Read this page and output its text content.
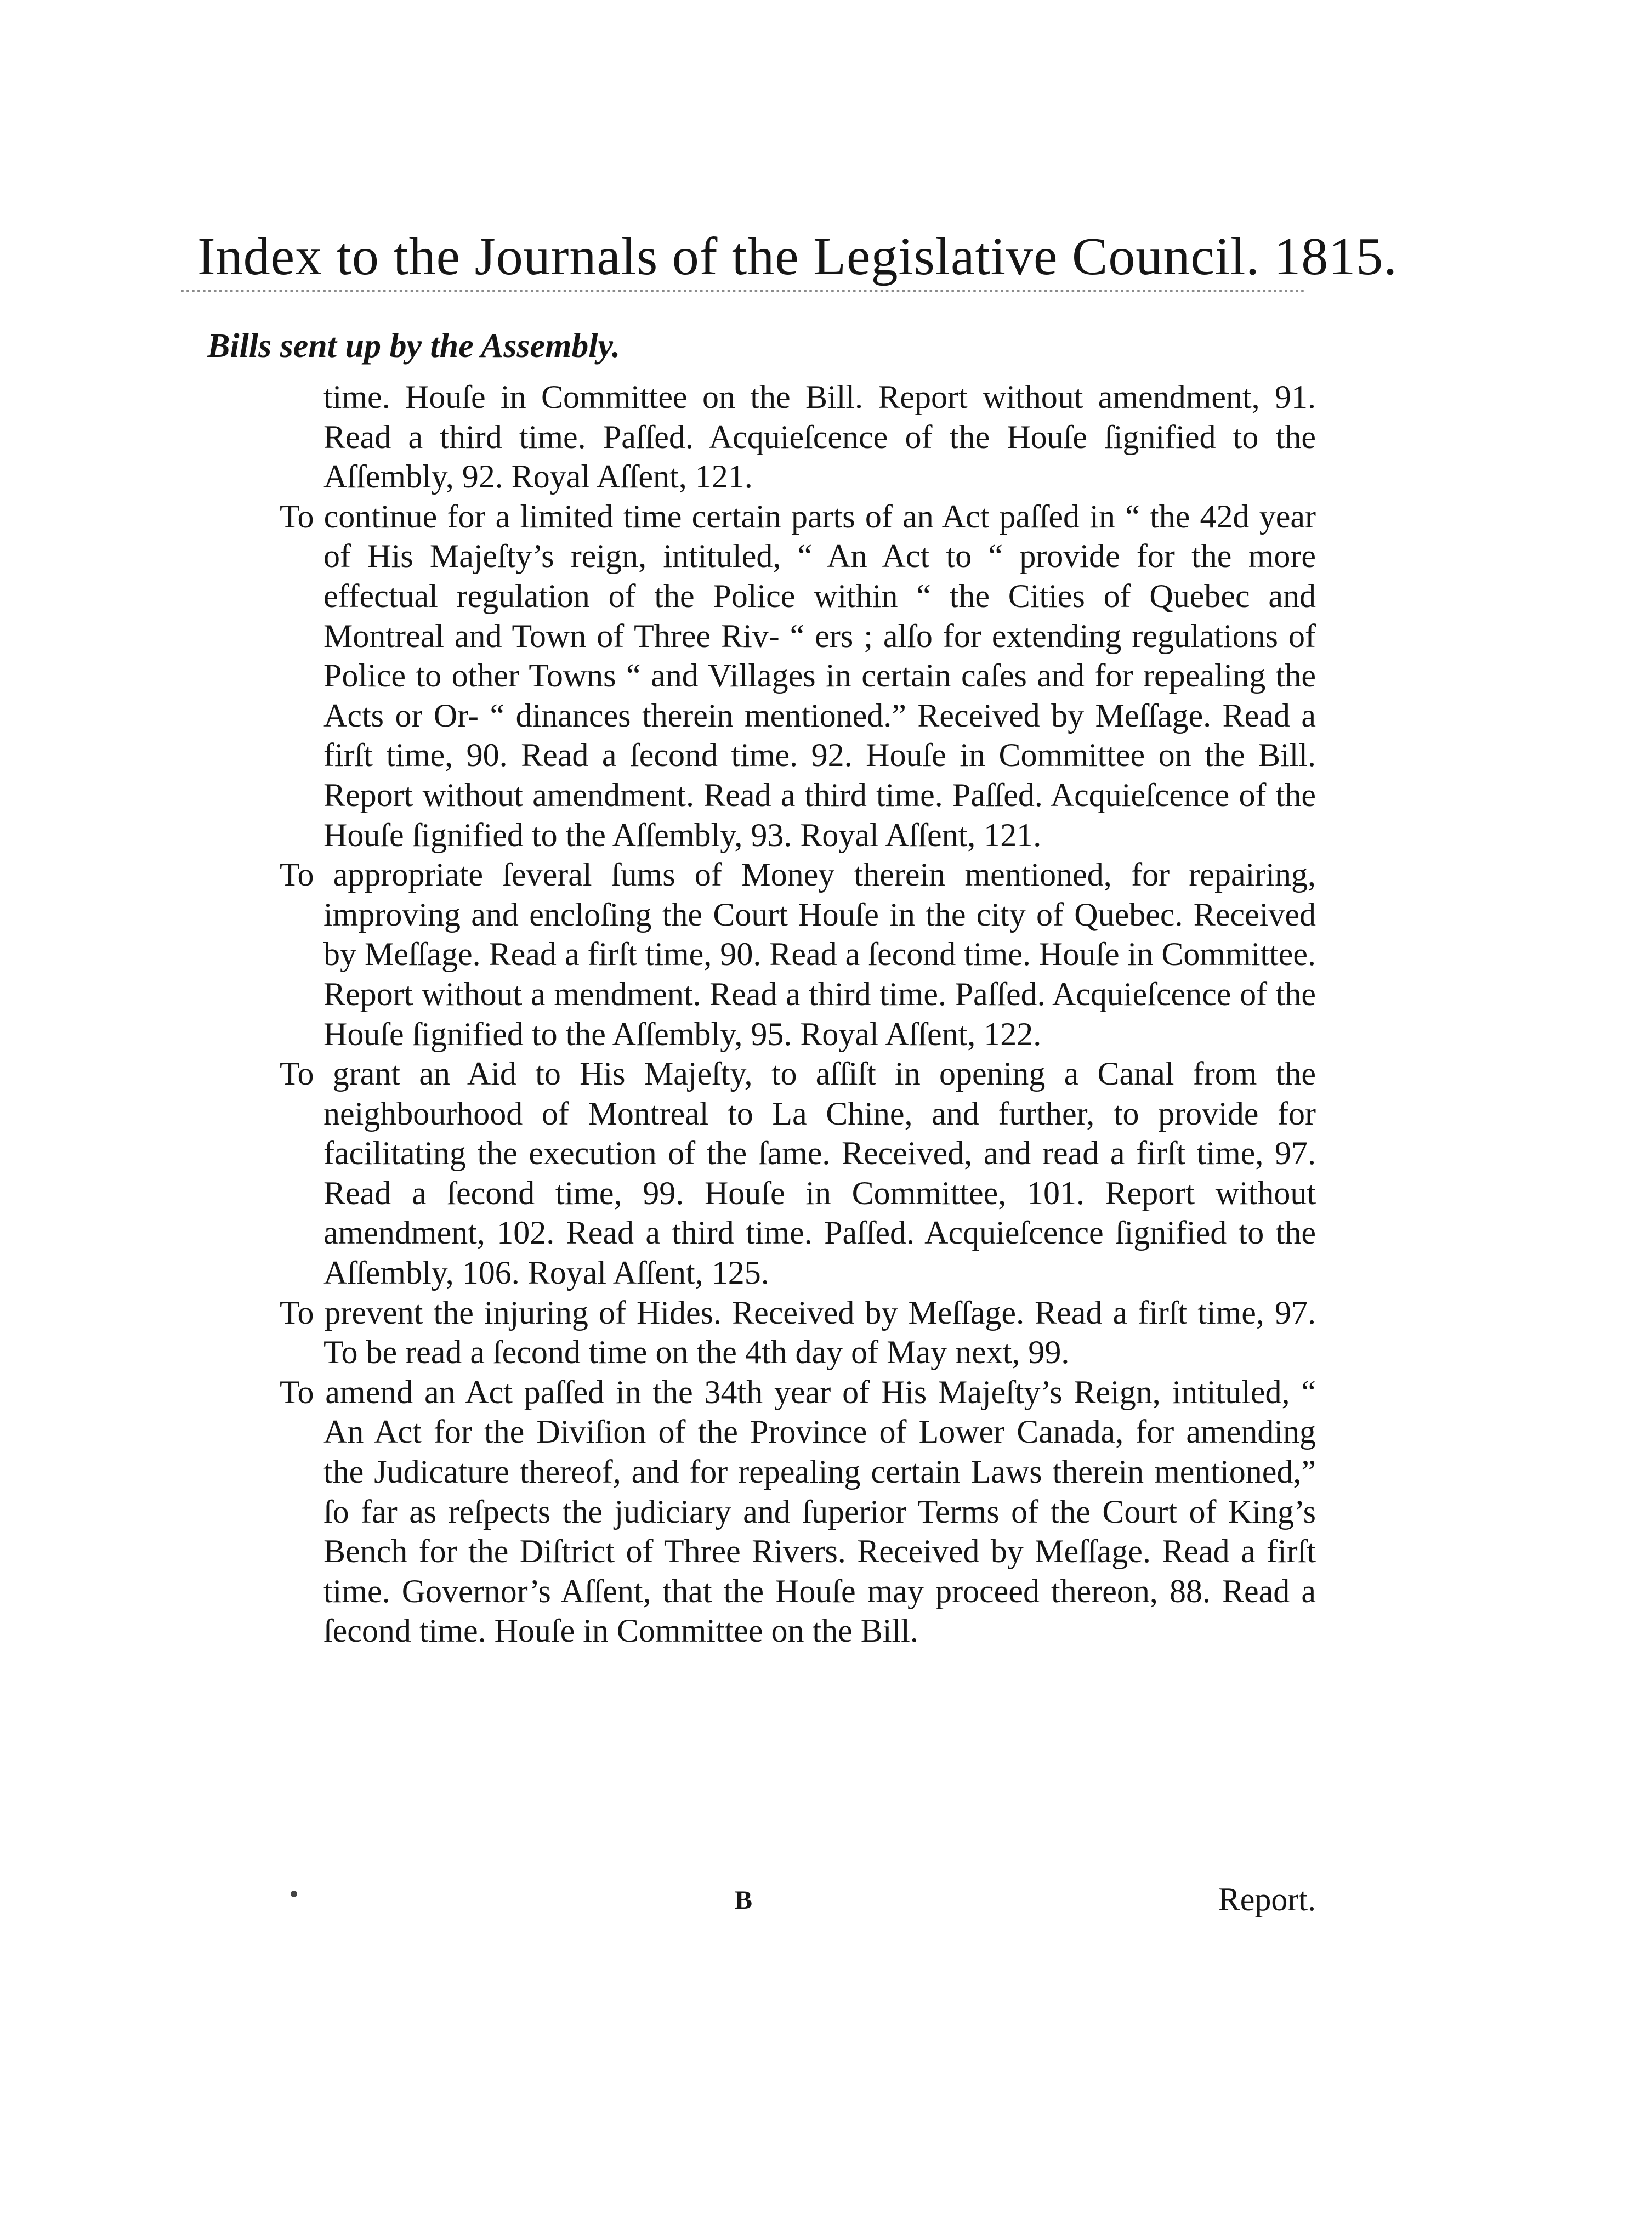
Index to the Journals of the Legislative Council. 1815.
Bills sent up by the Assembly.

time. Houſe in Committee on the Bill. Report without amendment, 91. Read a third time. Paſſed. Acquieſcence of the Houſe ſignified to the Aſſembly, 92. Royal Aſſent, 121.

To continue for a limited time certain parts of an Act paſſed in “ the 42d year of His Majeſty’s reign, intituled, “ An Act to “ provide for the more effectual regulation of the Police within “ the Cities of Quebec and Montreal and Town of Three Riv- “ ers ; alſo for extending regulations of Police to other Towns “ and Villages in certain caſes and for repealing the Acts or Or- “ dinances therein mentioned.” Received by Meſſage. Read a firſt time, 90. Read a ſecond time. 92. Houſe in Committee on the Bill. Report without amendment. Read a third time. Paſſed. Acquieſcence of the Houſe ſignified to the Aſſembly, 93. Royal Aſſent, 121.

To appropriate ſeveral ſums of Money therein mentioned, for repairing, improving and encloſing the Court Houſe in the city of Quebec. Received by Meſſage. Read a firſt time, 90. Read a ſecond time. Houſe in Committee. Report without a mendment. Read a third time. Paſſed. Acquieſcence of the Houſe ſignified to the Aſſembly, 95. Royal Aſſent, 122.

To grant an Aid to His Majeſty, to aſſiſt in opening a Canal from the neighbourhood of Montreal to La Chine, and further, to provide for facilitating the execution of the ſame. Received, and read a firſt time, 97. Read a ſecond time, 99. Houſe in Committee, 101. Report without amendment, 102. Read a third time. Paſſed. Acquieſcence ſignified to the Aſſembly, 106. Royal Aſſent, 125.

To prevent the injuring of Hides. Received by Meſſage. Read a firſt time, 97. To be read a ſecond time on the 4th day of May next, 99.

To amend an Act paſſed in the 34th year of His Majeſty’s Reign, intituled, “ An Act for the Diviſion of the Province of Lower Canada, for amending the Judicature thereof, and for repealing certain Laws therein mentioned,” ſo far as reſpects the judiciary and ſuperior Terms of the Court of King’s Bench for the Diſtrict of Three Rivers. Received by Meſſage. Read a firſt time. Governor’s Aſſent, that the Houſe may proceed thereon, 88. Read a ſecond time. Houſe in Committee on the Bill.

B	Report.
